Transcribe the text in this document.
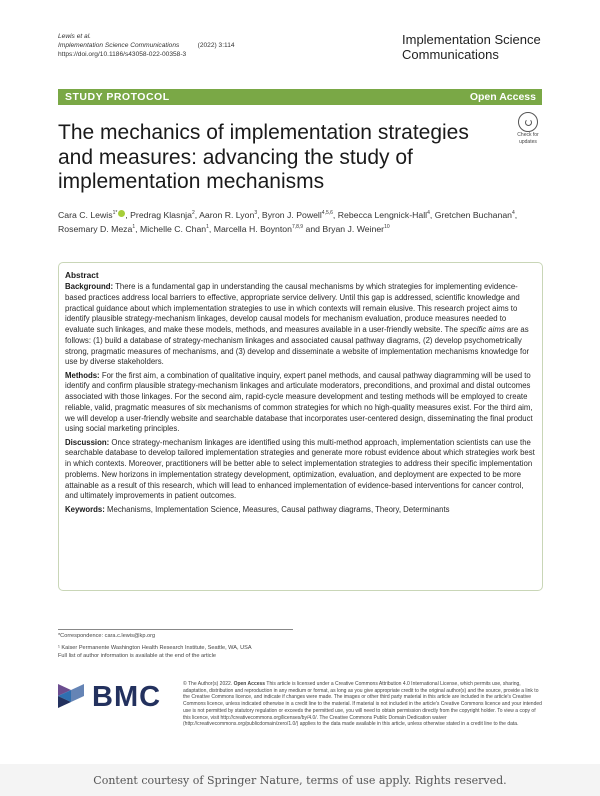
Lewis et al.
Implementation Science Communications	(2022) 3:114
https://doi.org/10.1186/s43058-022-00358-3
Implementation Science
Communications
STUDY PROTOCOL	Open Access
The mechanics of implementation strategies and measures: advancing the study of implementation mechanisms
Check for
updates
Cara C. Lewis$^{1*}$ , Predrag Klasnja$^2$, Aaron R. Lyon$^3$, Byron J. Powell$^{4,5,6}$, Rebecca Lengnick-Hall$^4$, Gretchen Buchanan$^4$, Rosemary D. Meza$^1$, Michelle C. Chan$^1$, Marcella H. Boynton$^{7,8,9}$ and Bryan J. Weiner$^{10}$
Abstract

Background: There is a fundamental gap in understanding the causal mechanisms by which strategies for implementing evidence-based practices address local barriers to effective, appropriate service delivery. Until this gap is addressed, scientific knowledge and practical guidance about which implementation strategies to use in which contexts will remain elusive. This research project aims to identify plausible strategy-mechanism linkages, develop causal models for mechanism evaluation, produce measures needed to evaluate such linkages, and make these models, methods, and measures available in a user-friendly website. The specific aims are as follows: (1) build a database of strategy-mechanism linkages and associated causal pathway diagrams, (2) develop psychometrically strong, pragmatic measures of mechanisms, and (3) develop and disseminate a website of implementation mechanisms knowledge for use by diverse stakeholders.

Methods: For the first aim, a combination of qualitative inquiry, expert panel methods, and causal pathway diagramming will be used to identify and confirm plausible strategy-mechanism linkages and articulate moderators, preconditions, and proximal and distal outcomes associated with those linkages. For the second aim, rapid-cycle measure development and testing methods will be employed to create reliable, valid, pragmatic measures of six mechanisms of common strategies for which no high-quality measures exist. For the third aim, we will develop a user-friendly website and searchable database that incorporates user-centered design, disseminating the final product using social marketing principles.

Discussion: Once strategy-mechanism linkages are identified using this multi-method approach, implementation scientists can use the searchable database to develop tailored implementation strategies and generate more robust evidence about which strategies work best in which contexts. Moreover, practitioners will be better able to select implementation strategies to address their specific implementation problems. New horizons in implementation strategy development, optimization, evaluation, and deployment are expected to be more attainable as a result of this research, which will lead to enhanced implementation of evidence-based interventions for cancer control, and ultimately improvements in patient outcomes.

Keywords: Mechanisms, Implementation Science, Measures, Causal pathway diagrams, Theory, Determinants

*Correspondence: cara.c.lewis@kp.org
¹ Kaiser Permanente Washington Health Research Institute, Seattle, WA, USA
Full list of author information is available at the end of the article
BMC	© The Author(s) 2022. Open Access This article is licensed under a Creative Commons Attribution 4.0 International License, which permits use, sharing, adaptation, distribution and reproduction in any medium or format, as long as you give appropriate credit to the original author(s) and the source, provide a link to the Creative Commons licence, and indicate if changes were made. The images or other third party material in this article are included in the article's Creative Commons licence, unless indicated otherwise in a credit line to the material. If material is not included in the article's Creative Commons licence and your intended use is not permitted by statutory regulation or exceeds the permitted use, you will need to obtain permission directly from the copyright holder. To view a copy of this licence, visit http://creativecommons.org/licenses/by/4.0/. The Creative Commons Public Domain Dedication waiver (http://creativecommons.org/publicdomain/zero/1.0/) applies to the data made available in this article, unless otherwise stated in a credit line to the data.
Content courtesy of Springer Nature, terms of use apply. Rights reserved.
